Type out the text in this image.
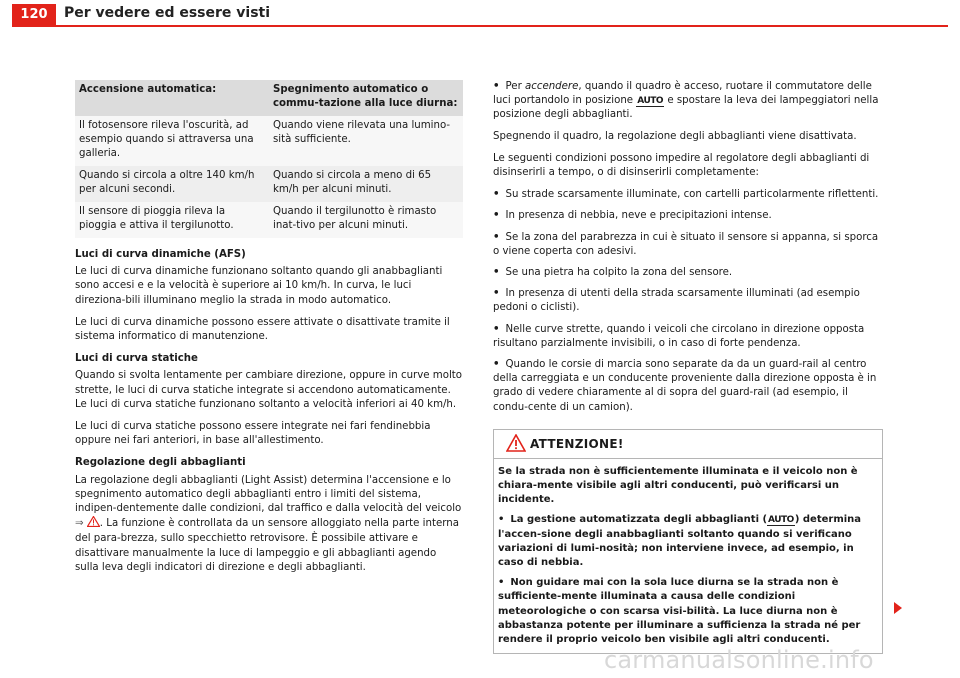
120	Per vedere ed essere visti
Accensione automatica:	Spegnimento automatico o commu-tazione alla luce diurna:
Il fotosensore rileva l'oscurità, ad esempio quando si attraversa una galleria.	Quando viene rilevata una lumino-sità sufficiente.
Quando si circola a oltre 140 km/h per alcuni secondi.	Quando si circola a meno di 65 km/h per alcuni minuti.
Il sensore di pioggia rileva la pioggia e attiva il tergilunotto.	Quando il tergilunotto è rimasto inat-tivo per alcuni minuti.
Luci di curva dinamiche (AFS)

Le luci di curva dinamiche funzionano soltanto quando gli anabbaglianti sono accesi e e la velocità è superiore ai 10 km/h. In curva, le luci direziona-bili illuminano meglio la strada in modo automatico.

Le luci di curva dinamiche possono essere attivate o disattivate tramite il sistema informatico di manutenzione.

Luci di curva statiche

Quando si svolta lentamente per cambiare direzione, oppure in curve molto strette, le luci di curva statiche integrate si accendono automaticamente. Le luci di curva statiche funzionano soltanto a velocità inferiori ai 40 km/h.

Le luci di curva statiche possono essere integrate nei fari fendinebbia oppure nei fari anteriori, in base all'allestimento.

Regolazione degli abbaglianti

La regolazione degli abbaglianti (Light Assist) determina l'accensione e lo spegnimento automatico degli abbaglianti entro i limiti del sistema, indipen-dentemente dalle condizioni, dal traffico e dalla velocità del veicolo ⇒ . La funzione è controllata da un sensore alloggiato nella parte interna del para-brezza, sullo specchietto retrovisore. È possibile attivare e disattivare manualmente la luce di lampeggio e gli abbaglianti agendo sulla leva degli indicatori di direzione e degli abbaglianti.

• Per accendere, quando il quadro è acceso, ruotare il commutatore delle luci portandolo in posizione AUTO e spostare la leva dei lampeggiatori nella posizione degli abbaglianti.

Spegnendo il quadro, la regolazione degli abbaglianti viene disattivata.

Le seguenti condizioni possono impedire al regolatore degli abbaglianti di disinserirli a tempo, o di disinserirli completamente:

• Su strade scarsamente illuminate, con cartelli particolarmente riflettenti.

• In presenza di nebbia, neve e precipitazioni intense.

• Se la zona del parabrezza in cui è situato il sensore si appanna, si sporca o viene coperta con adesivi.

• Se una pietra ha colpito la zona del sensore.

• In presenza di utenti della strada scarsamente illuminati (ad esempio pedoni o ciclisti).

• Nelle curve strette, quando i veicoli che circolano in direzione opposta risultano parzialmente invisibili, o in caso di forte pendenza.

• Quando le corsie di marcia sono separate da da un guard-rail al centro della carreggiata e un conducente proveniente dalla direzione opposta è in grado di vedere chiaramente al di sopra del guard-rail (ad esempio, il condu-cente di un camion).

ATTENZIONE!

Se la strada non è sufficientemente illuminata e il veicolo non è chiara-mente visibile agli altri conducenti, può verificarsi un incidente.

• La gestione automatizzata degli abbaglianti (AUTO) determina l'accen-sione degli anabbaglianti soltanto quando si verificano variazioni di lumi-nosità; non interviene invece, ad esempio, in caso di nebbia.

• Non guidare mai con la sola luce diurna se la strada non è sufficiente-mente illuminata a causa delle condizioni meteorologiche o con scarsa visi-bilità. La luce diurna non è abbastanza potente per illuminare a sufficienza la strada né per rendere il proprio veicolo ben visibile agli altri conducenti.

carmanualsonline.info
